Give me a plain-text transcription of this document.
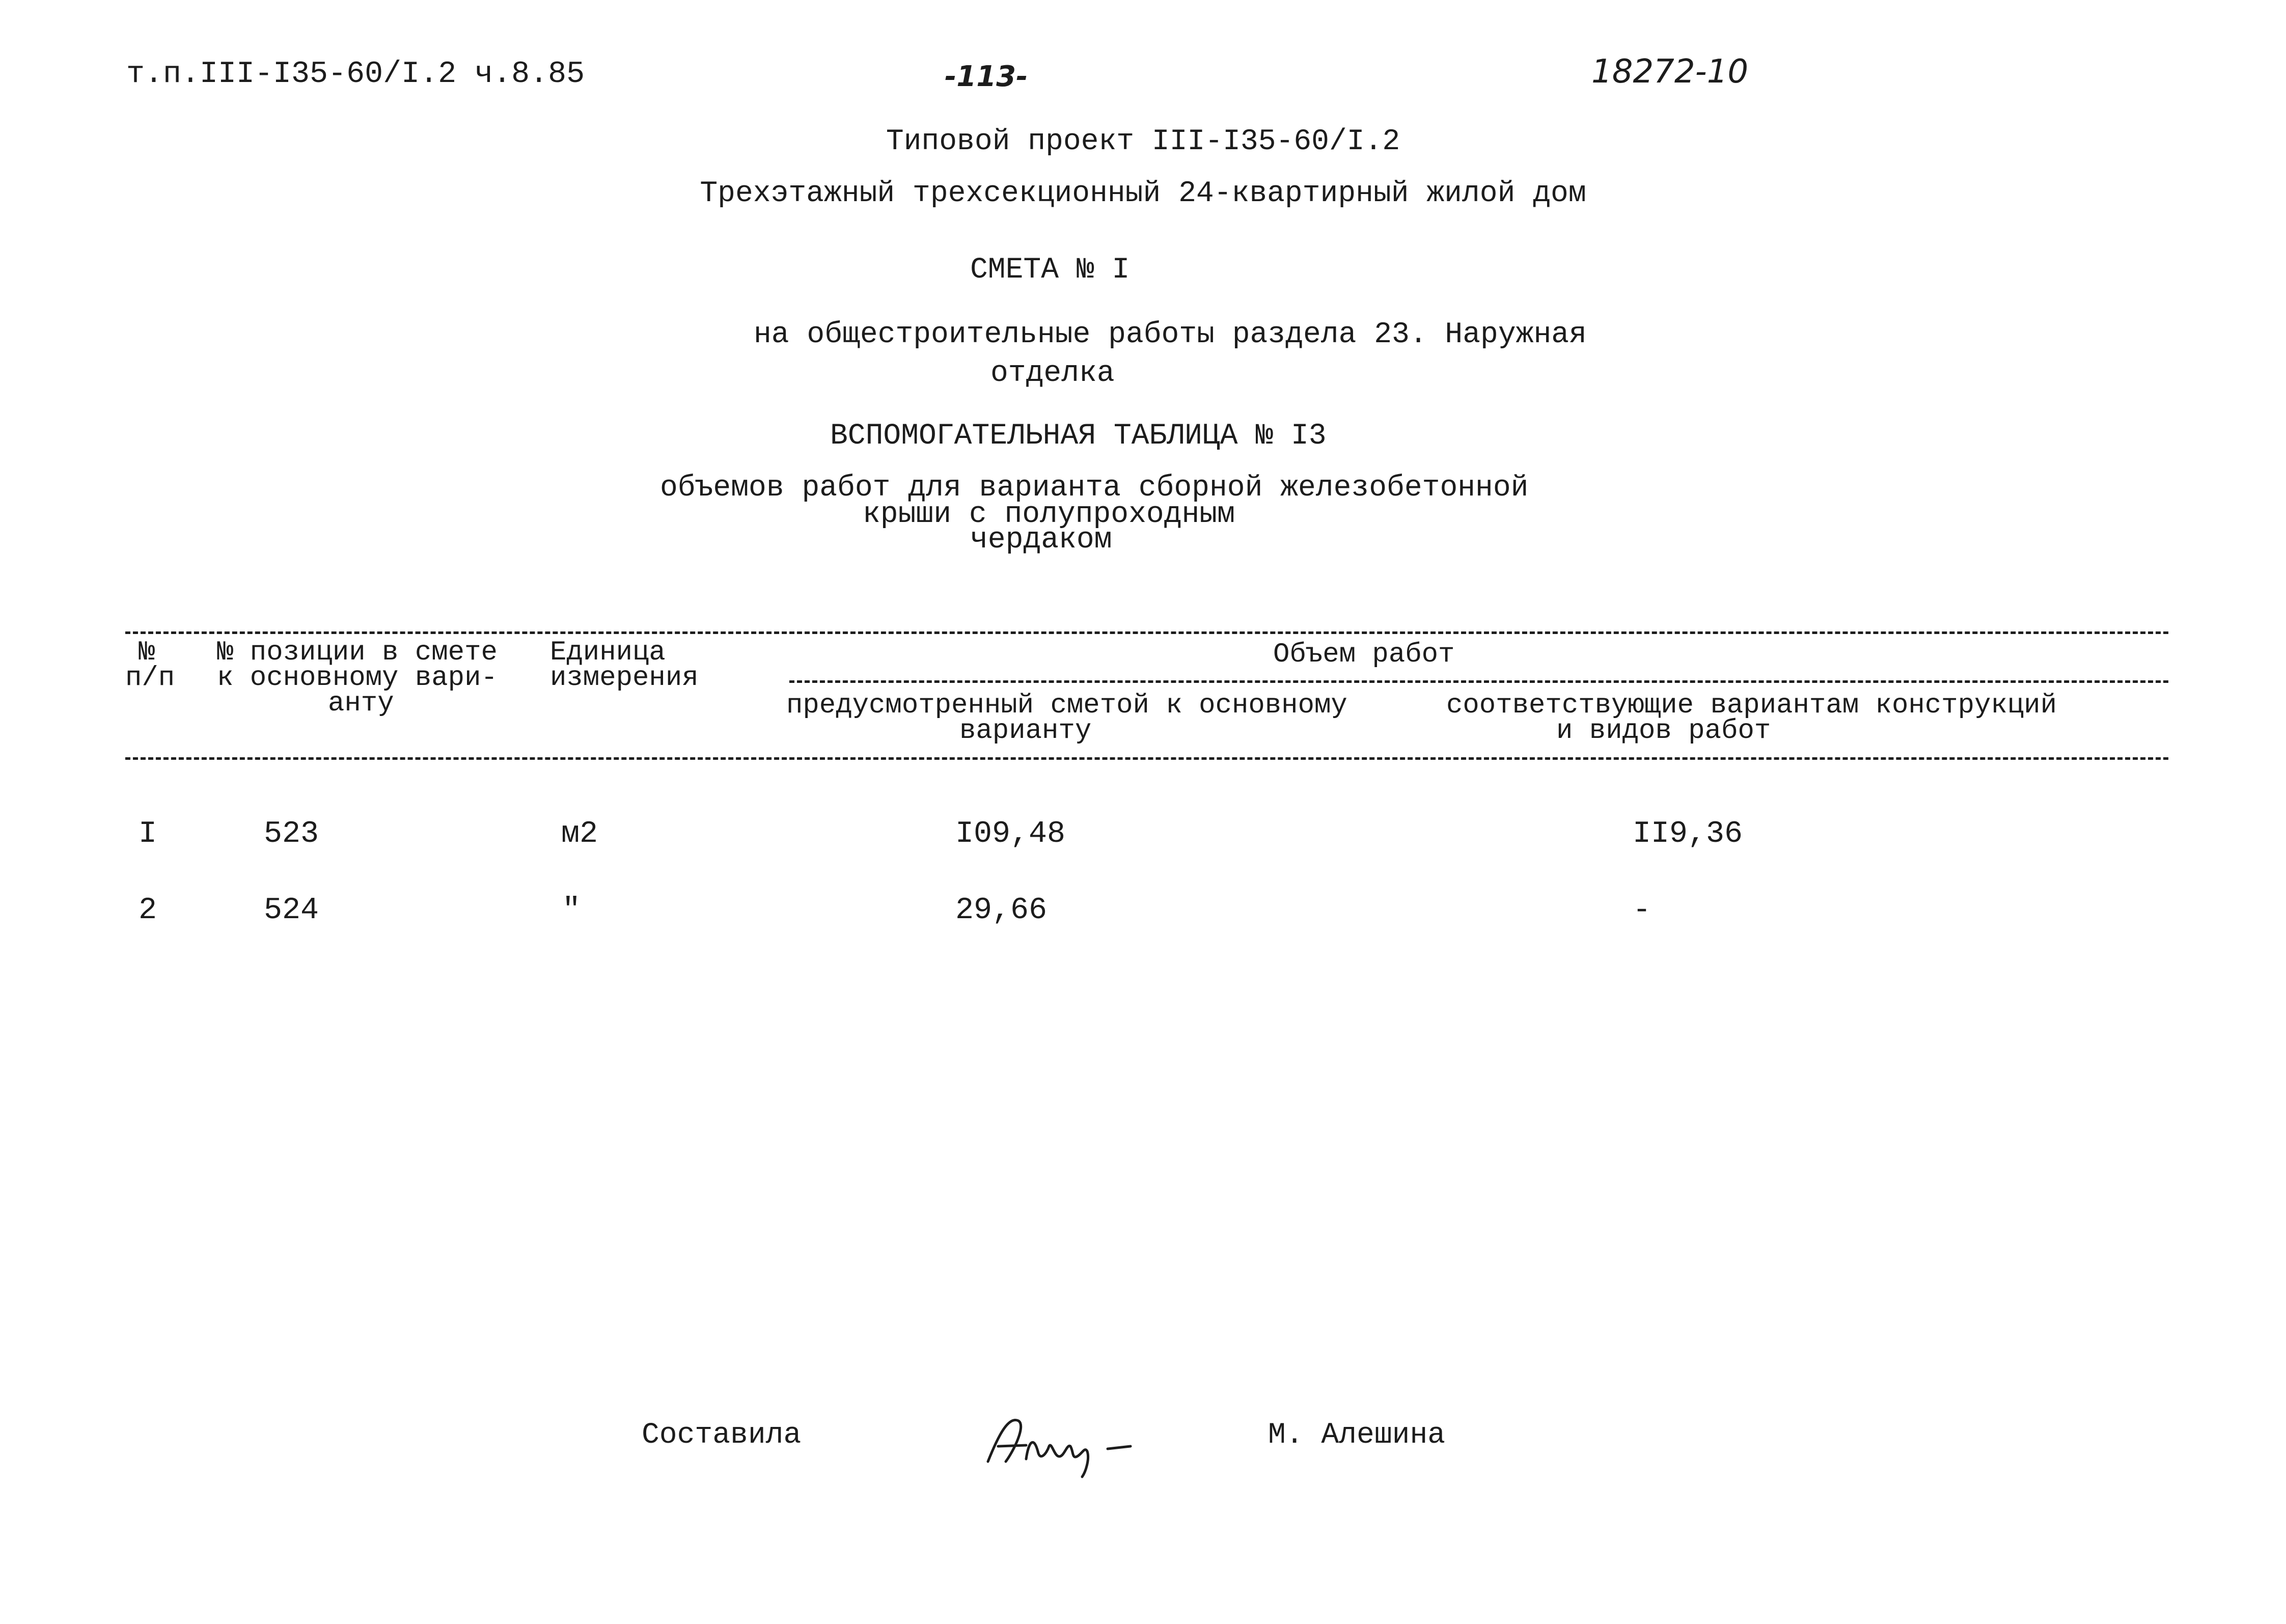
т.п.III-I35-60/I.2 ч.8.85	-113-	18272-10
Типовой проект III-I35-60/I.2
Трехэтажный трехсекционный 24-квартирный жилой дом
СМЕТА № I
на общестроительные работы раздела 23. Наружная
отделка
ВСПОМОГАТЕЛЬНАЯ ТАБЛИЦА № I3
объемов работ для варианта сборной железобетонной
крыши с полупроходным
чердаком
№
п/п
№ позиции в смете
к основному вари-
анту
Единица
измерения
Объем работ
предусмотренный сметой к основному
варианту
соответствующие вариантам конструкций
и видов работ
I	523	м2	I09,48	II9,36
2	524	"	29,66	-
Составила	М. Алешина
